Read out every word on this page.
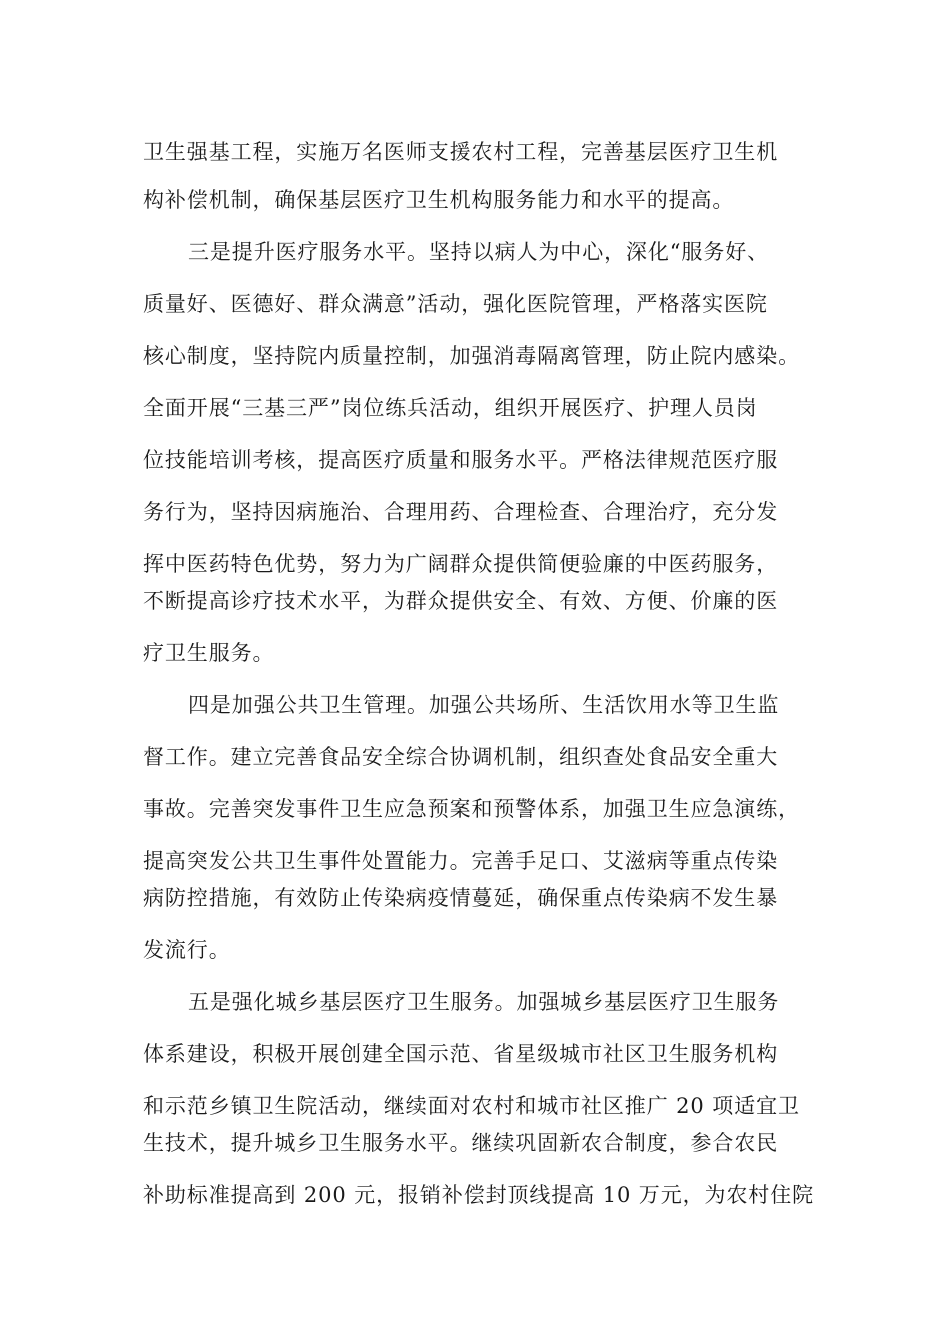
卫生强基工程，实施万名医师支援农村工程，完善基层医疗卫生机
构补偿机制，确保基层医疗卫生机构服务能力和水平的提高。
三是提升医疗服务水平。坚持以病人为中心，深化“服务好、
质量好、医德好、群众满意”活动，强化医院管理，严格落实医院
核心制度，坚持院内质量控制，加强消毒隔离管理，防止院内感染。
全面开展“三基三严”岗位练兵活动，组织开展医疗、护理人员岗
位技能培训考核，提高医疗质量和服务水平。严格法律规范医疗服
务行为，坚持因病施治、合理用药、合理检查、合理治疗，充分发
挥中医药特色优势，努力为广阔群众提供简便验廉的中医药服务，
不断提高诊疗技术水平，为群众提供安全、有效、方便、价廉的医
疗卫生服务。
四是加强公共卫生管理。加强公共场所、生活饮用水等卫生监
督工作。建立完善食品安全综合协调机制，组织查处食品安全重大
事故。完善突发事件卫生应急预案和预警体系，加强卫生应急演练，
提高突发公共卫生事件处置能力。完善手足口、艾滋病等重点传染
病防控措施，有效防止传染病疫情蔓延，确保重点传染病不发生暴
发流行。
五是强化城乡基层医疗卫生服务。加强城乡基层医疗卫生服务
体系建设，积极开展创建全国示范、省星级城市社区卫生服务机构
和示范乡镇卫生院活动，继续面对农村和城市社区推广 20 项适宜卫
生技术，提升城乡卫生服务水平。继续巩固新农合制度，参合农民
补助标准提高到 200 元，报销补偿封顶线提高 10 万元，为农村住院
